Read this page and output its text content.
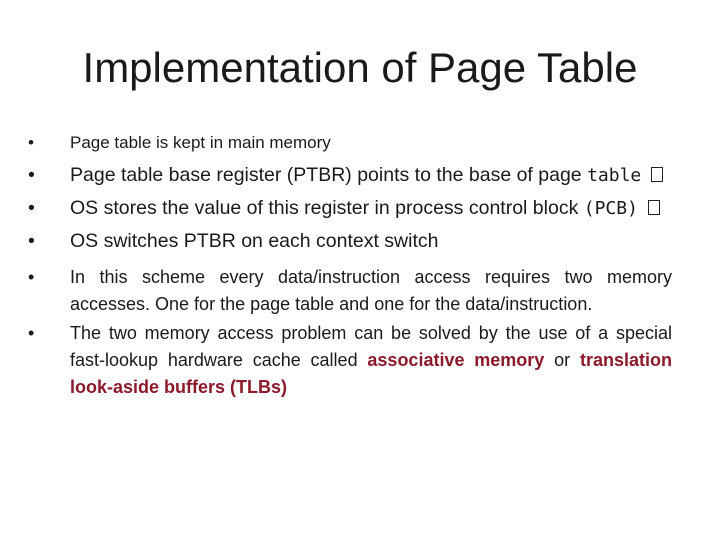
Implementation of Page Table
• Page table is kept in main memory
• Page table base register (PTBR) points to the base of page table
• OS stores the value of this register in process control block (PCB)
• OS switches PTBR on each context switch
• In this scheme every data/instruction access requires two memory accesses. One for the page table and one for the data/instruction.
• The two memory access problem can be solved by the use of a special fast-lookup hardware cache called associative memory or translation look-aside buffers (TLBs)
